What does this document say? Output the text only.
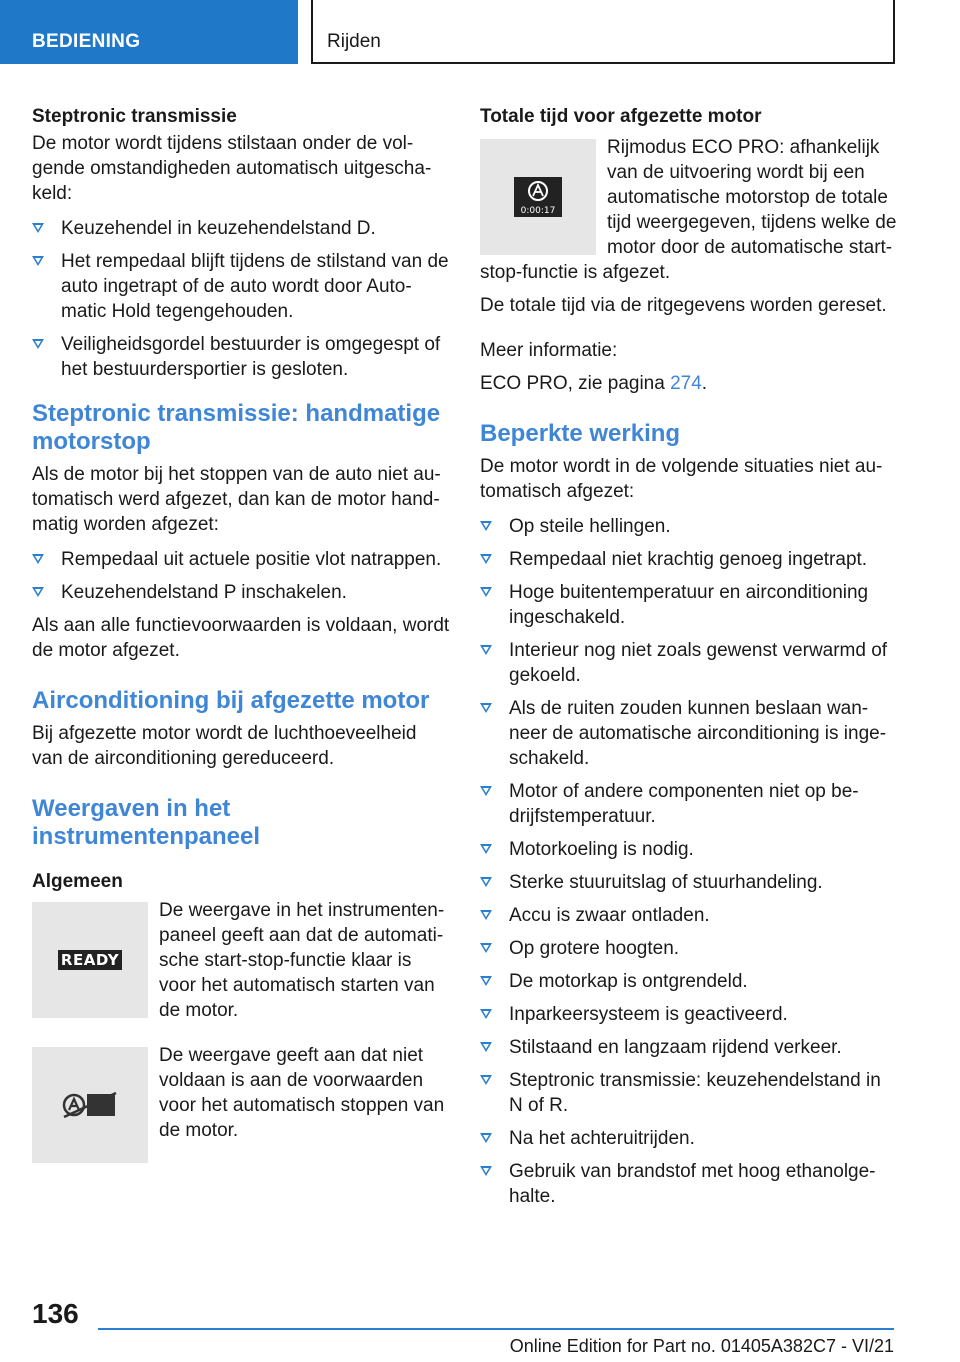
BEDIENING	Rijden
Steptronic transmissie

De motor wordt tijdens stilstaan onder de vol-gende omstandigheden automatisch uitgescha-keld:

Keuzehendel in keuzehendelstand D.
Het rempedaal blijft tijdens de stilstand van de auto ingetrapt of de auto wordt door Auto-matic Hold tegengehouden.
Veiligheidsgordel bestuurder is omgegespt of het bestuurdersportier is gesloten.
Steptronic transmissie: handmatige motorstop

Als de motor bij het stoppen van de auto niet au-tomatisch werd afgezet, dan kan de motor hand-matig worden afgezet:

Rempedaal uit actuele positie vlot natrappen.
Keuzehendelstand P inschakelen.

Als aan alle functievoorwaarden is voldaan, wordt de motor afgezet.

Airconditioning bij afgezette motor

Bij afgezette motor wordt de luchthoeveelheid van de airconditioning gereduceerd.

Weergaven in het instrumentenpaneel
Algemeen
READY

De weergave in het instrumenten-paneel geeft aan dat de automati-sche start-stop-functie klaar is voor het automatisch starten van de motor.

De weergave geeft aan dat niet voldaan is aan de voorwaarden voor het automatisch stoppen van de motor.

Totale tijd voor afgezette motor
0:00:17

Rijmodus ECO PRO: afhankelijk van de uitvoering wordt bij een automatische motorstop de totale tijd weergegeven, tijdens welke de motor door de automatische start-stop-functie is afgezet.

De totale tijd via de ritgegevens worden gereset.

Meer informatie:

ECO PRO, zie pagina 274.

Beperkte werking

De motor wordt in de volgende situaties niet au-tomatisch afgezet:

Op steile hellingen.
Rempedaal niet krachtig genoeg ingetrapt.
Hoge buitentemperatuur en airconditioning ingeschakeld.
Interieur nog niet zoals gewenst verwarmd of gekoeld.
Als de ruiten zouden kunnen beslaan wan-neer de automatische airconditioning is inge-schakeld.
Motor of andere componenten niet op be-drijfstemperatuur.
Motorkoeling is nodig.
Sterke stuuruitslag of stuurhandeling.
Accu is zwaar ontladen.
Op grotere hoogten.
De motorkap is ontgrendeld.
Inparkeersysteem is geactiveerd.
Stilstaand en langzaam rijdend verkeer.
Steptronic transmissie: keuzehendelstand in N of R.
Na het achteruitrijden.
Gebruik van brandstof met hoog ethanolge-halte.
136
Online Edition for Part no. 01405A382C7 - VI/21
